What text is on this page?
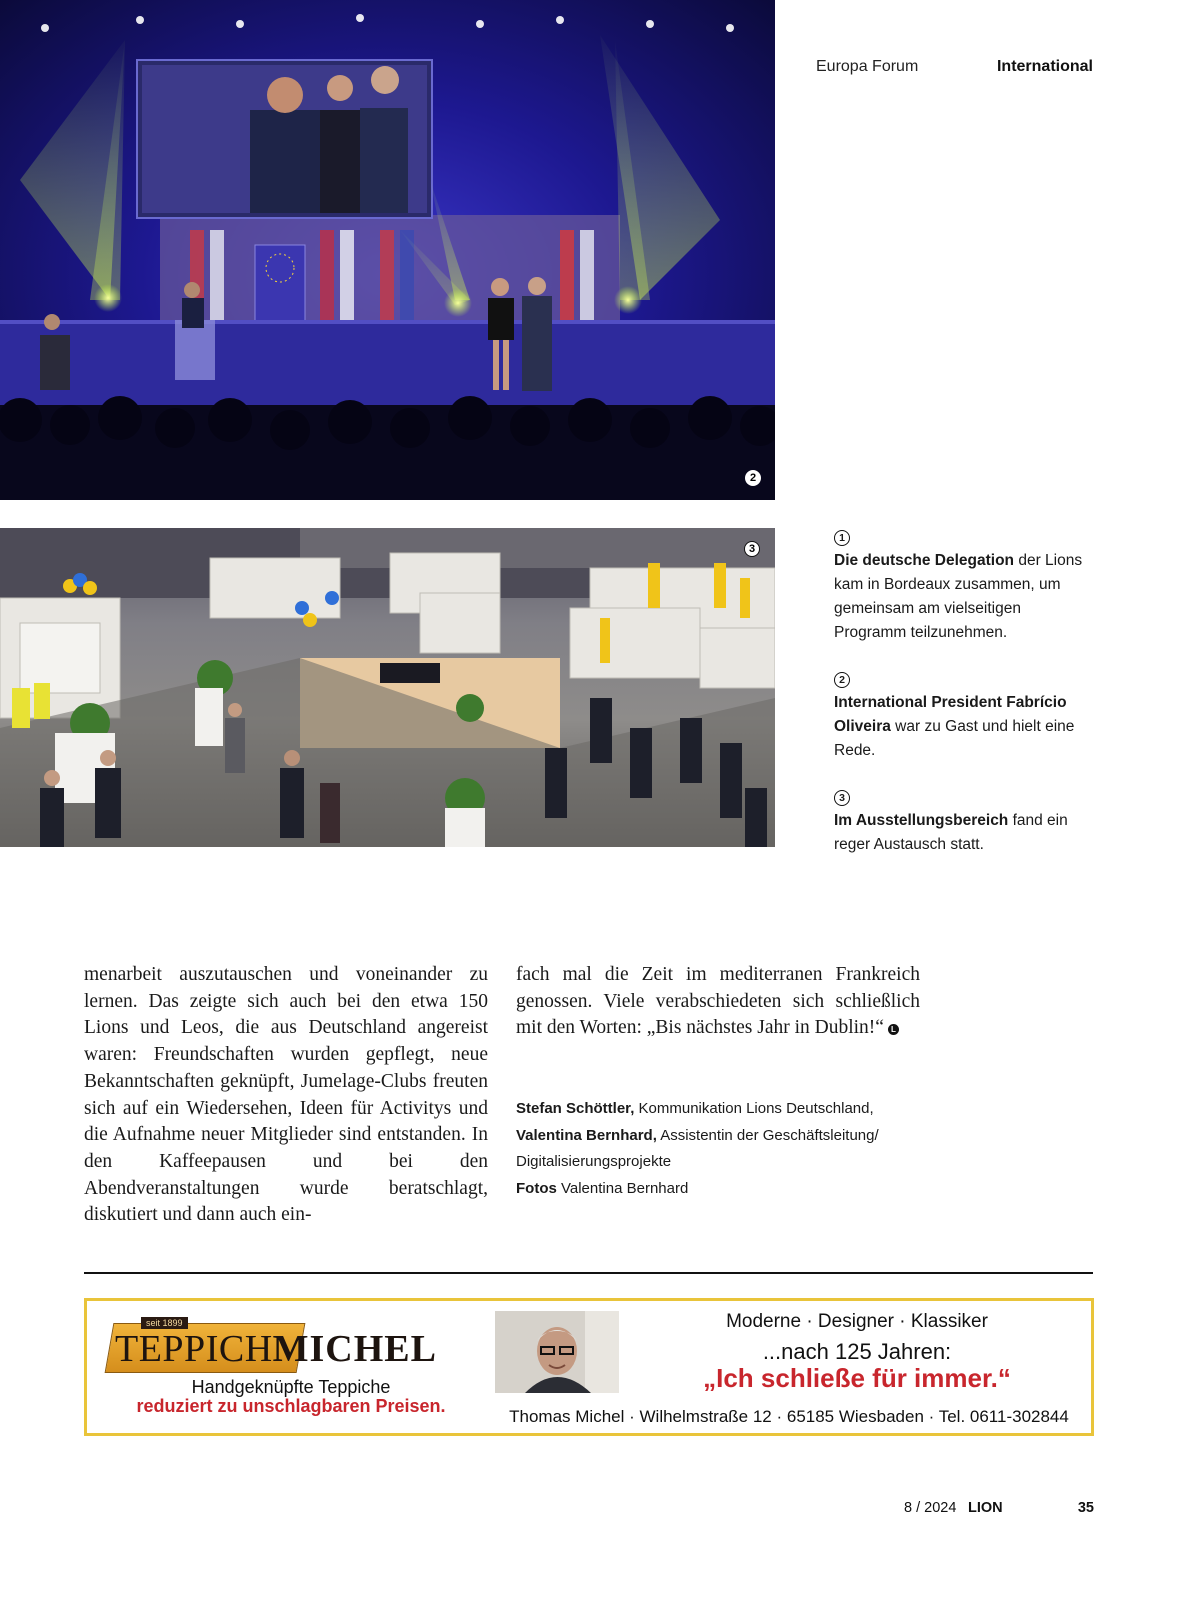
Europa Forum	International
2
3
1
Die deutsche Delegation der Lions kam in Bordeaux zusammen, um gemeinsam am vielseitigen Programm teilzunehmen.
2
International President Fabrício Oliveira war zu Gast und hielt eine Rede.
3
Im Ausstellungsbereich fand ein reger Austausch statt.

menarbeit auszutauschen und voneinander zu lernen. Das zeigte sich auch bei den etwa 150 Lions und Leos, die aus Deutschland angereist waren: Freundschaften wurden gepflegt, neue Bekanntschaften geknüpft, Jumelage-Clubs freuten sich auf ein Wiedersehen, Ideen für Activitys und die Aufnahme neuer Mitglieder sind entstanden. In den Kaffeepausen und bei den Abendveranstaltungen wurde beratschlagt, diskutiert und dann auch ein-

fach mal die Zeit im mediterranen Frankreich genossen. Viele verabschiedeten sich schließlich mit den Worten: „Bis nächstes Jahr in Dublin!“ L

Stefan Schöttler, Kommunikation Lions Deutschland,
Valentina Bernhard, Assistentin der Geschäftsleitung/ Digitalisierungsprojekte
Fotos Valentina Bernhard
seit 1899
TEPPICHMICHEL
Handgeknüpfte Teppiche
reduziert zu unschlagbaren Preisen.
Moderne · Designer · Klassiker
...nach 125 Jahren:
„Ich schließe für immer.“
Thomas Michel · Wilhelmstraße 12 · 65185 Wiesbaden · Tel. 0611-302844
8 / 2024 LION	35
